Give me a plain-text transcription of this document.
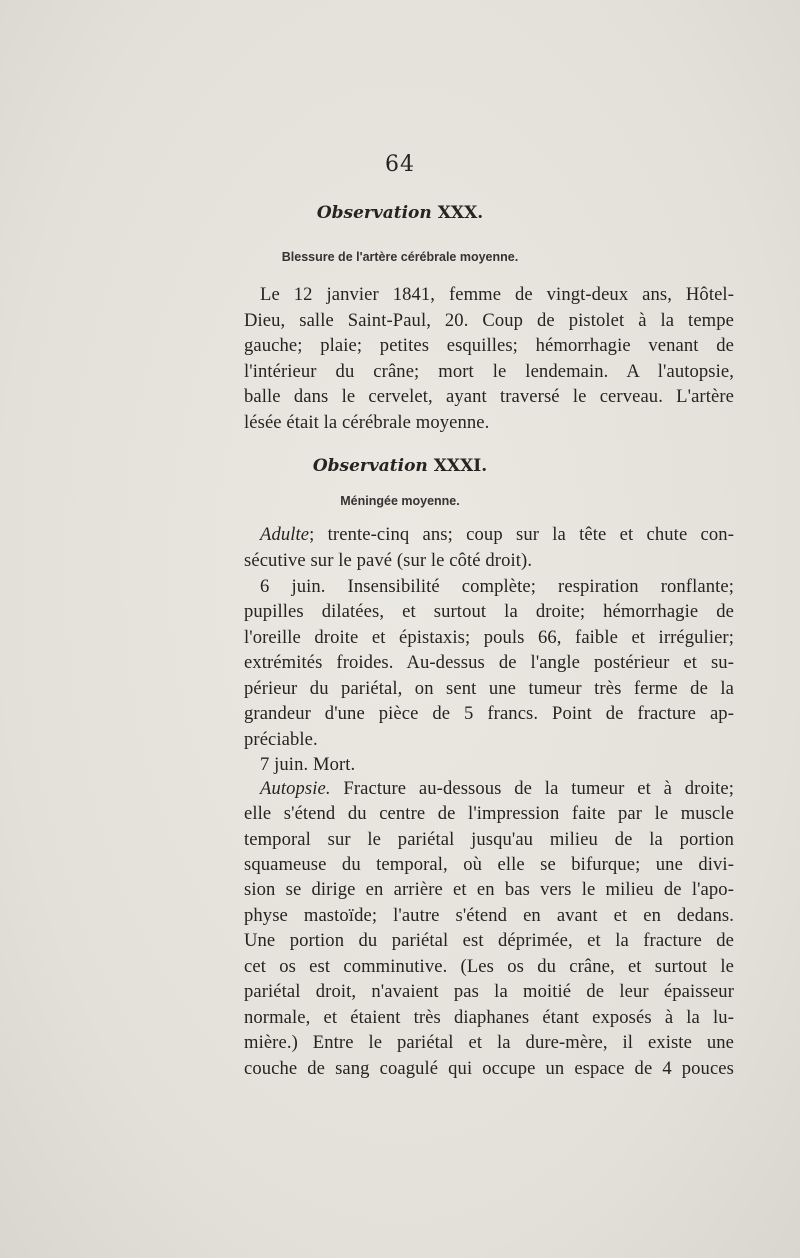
64
Observation XXX.
Blessure de l'artère cérébrale moyenne.
Le 12 janvier 1841, femme de vingt-deux ans, Hôtel-
Dieu, salle Saint-Paul, 20. Coup de pistolet à la tempe
gauche; plaie; petites esquilles; hémorrhagie venant de
l'intérieur du crâne; mort le lendemain. A l'autopsie,
balle dans le cervelet, ayant traversé le cerveau. L'artère
lésée était la cérébrale moyenne.
Observation XXXI.
Méningée moyenne.
Adulte; trente-cinq ans; coup sur la tête et chute con-
sécutive sur le pavé (sur le côté droit).
6 juin. Insensibilité complète; respiration ronflante;
pupilles dilatées, et surtout la droite; hémorrhagie de
l'oreille droite et épistaxis; pouls 66, faible et irrégulier;
extrémités froides. Au-dessus de l'angle postérieur et su-
périeur du pariétal, on sent une tumeur très ferme de la
grandeur d'une pièce de 5 francs. Point de fracture ap-
préciable.
7 juin. Mort.
Autopsie. Fracture au-dessous de la tumeur et à droite;
elle s'étend du centre de l'impression faite par le muscle
temporal sur le pariétal jusqu'au milieu de la portion
squameuse du temporal, où elle se bifurque; une divi-
sion se dirige en arrière et en bas vers le milieu de l'apo-
physe mastoïde; l'autre s'étend en avant et en dedans.
Une portion du pariétal est déprimée, et la fracture de
cet os est comminutive. (Les os du crâne, et surtout le
pariétal droit, n'avaient pas la moitié de leur épaisseur
normale, et étaient très diaphanes étant exposés à la lu-
mière.) Entre le pariétal et la dure-mère, il existe une
couche de sang coagulé qui occupe un espace de 4 pouces
